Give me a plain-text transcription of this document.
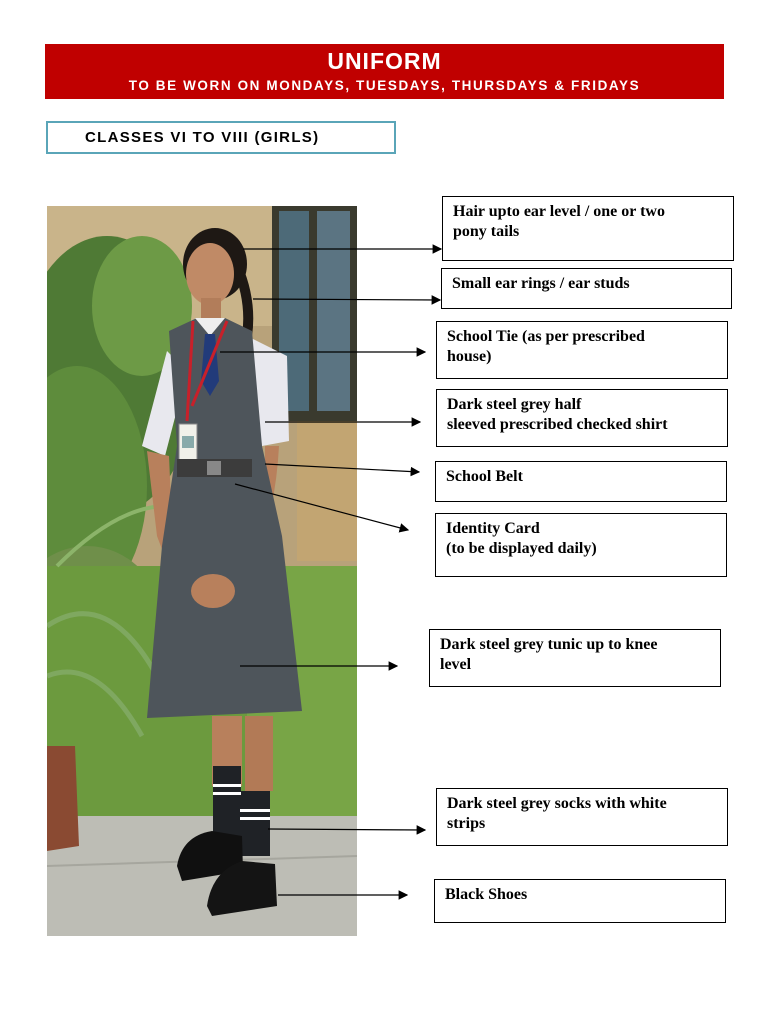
UNIFORM
TO BE WORN ON MONDAYS, TUESDAYS, THURSDAYS & FRIDAYS
CLASSES VI TO VIII (GIRLS)
Hair upto ear level / one or two
pony tails
Small ear rings / ear studs
School Tie (as per prescribed
house)
Dark steel grey half
sleeved prescribed checked shirt
School Belt
Identity Card
(to be displayed daily)
Dark steel grey tunic up to knee
level
Dark steel grey socks with white
strips
Black Shoes
